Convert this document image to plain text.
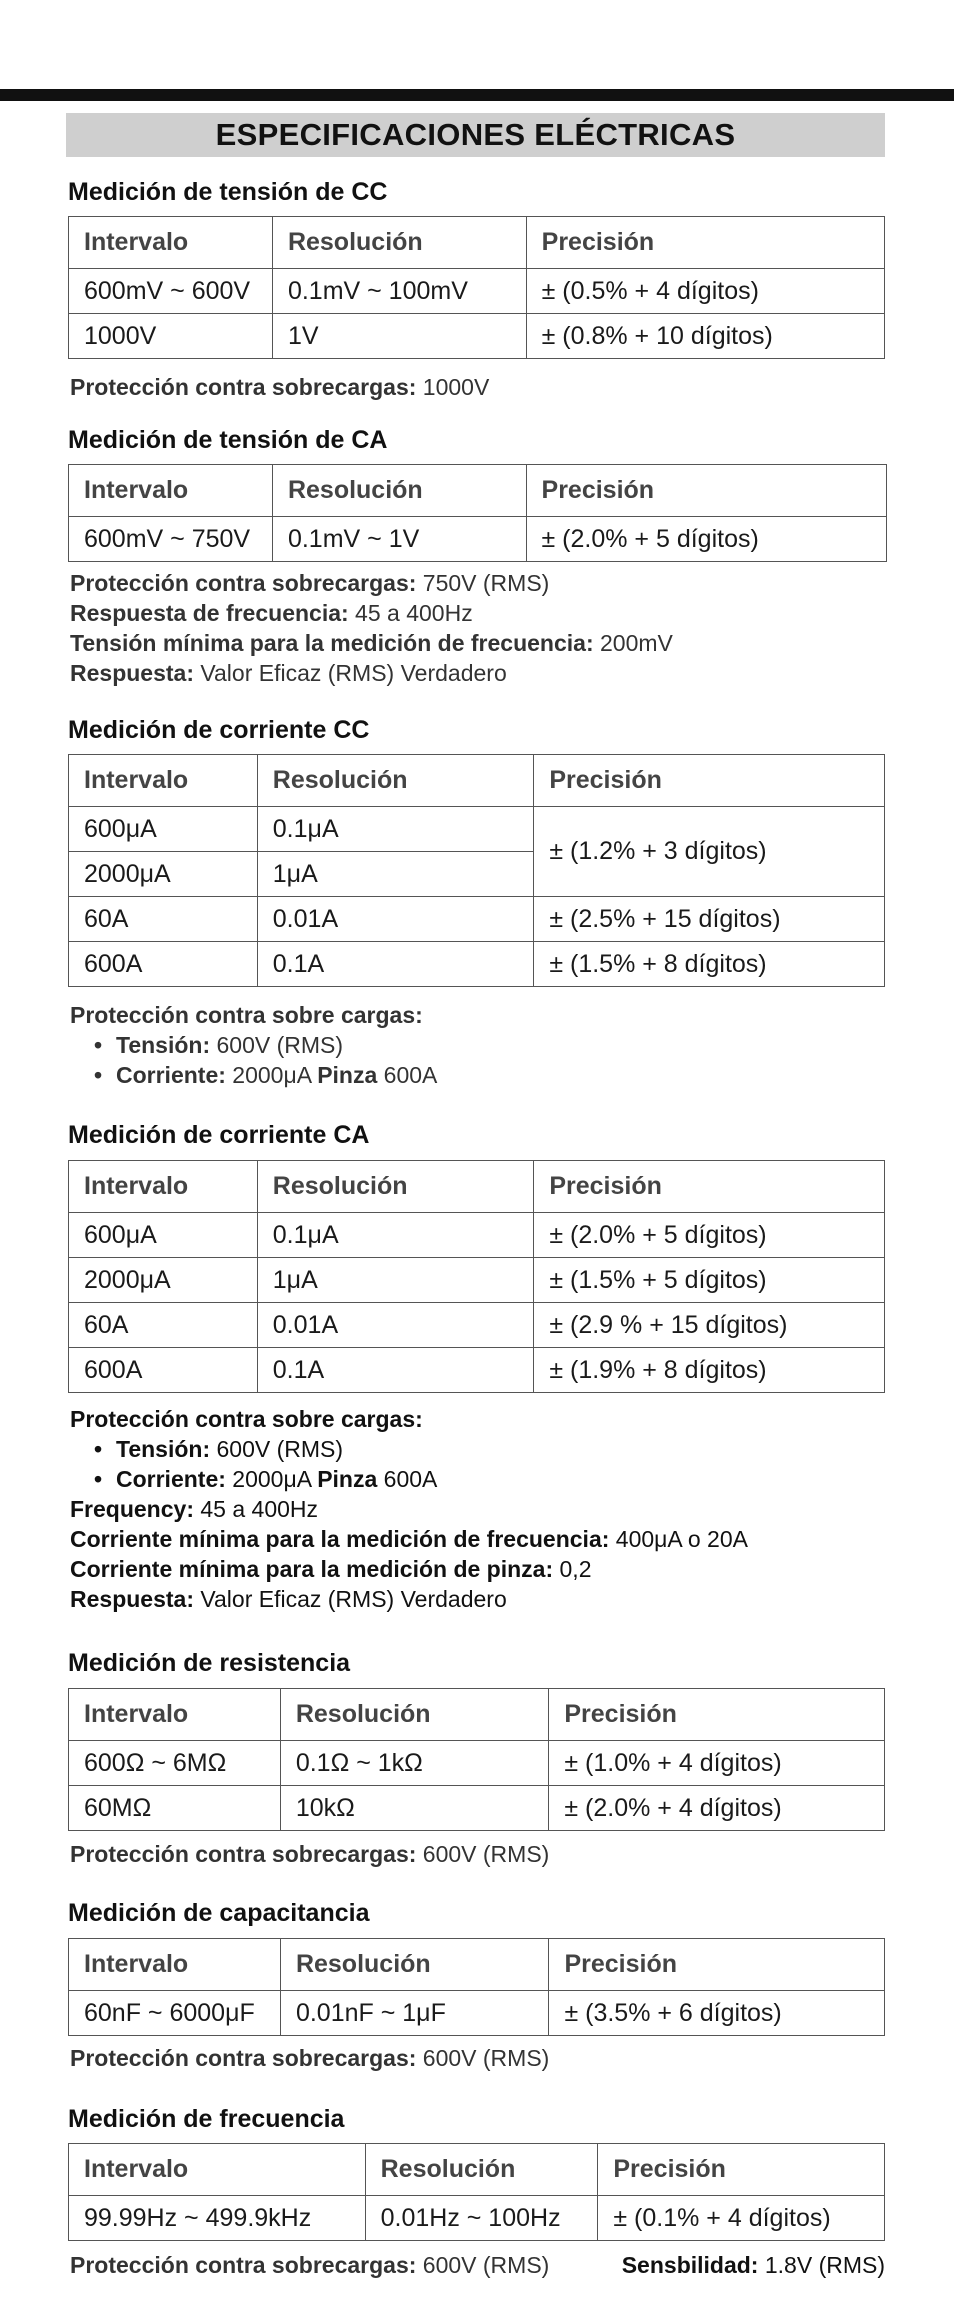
ESPECIFICACIONES ELÉCTRICAS
Medición de tensión de CC
Intervalo	Resolución	Precisión
600mV ~ 600V	0.1mV ~ 100mV	± (0.5% + 4 dígitos)
1000V	1V	± (0.8% + 10 dígitos)
Protección contra sobrecargas: 1000V
Medición de tensión de CA
Intervalo	Resolución	Precisión
600mV ~ 750V	0.1mV ~ 1V	± (2.0% + 5 dígitos)
Protección contra sobrecargas: 750V (RMS)
Respuesta de frecuencia: 45 a 400Hz
Tensión mínima para la medición de frecuencia: 200mV
Respuesta: Valor Eficaz (RMS) Verdadero
Medición de corriente CC
Intervalo	Resolución	Precisión
600μA	0.1μA	± (1.2% + 3 dígitos)
2000μA	1μA	
60A	0.01A	± (2.5% + 15 dígitos)
600A	0.1A	± (1.5% + 8 dígitos)
Protección contra sobre cargas:
• Tensión: 600V (RMS)
• Corriente: 2000μA Pinza 600A
Medición de corriente CA
Intervalo	Resolución	Precisión
600μA	0.1μA	± (2.0% + 5 dígitos)
2000μA	1μA	± (1.5% + 5 dígitos)
60A	0.01A	± (2.9 % + 15 dígitos)
600A	0.1A	± (1.9% + 8 dígitos)
Protección contra sobre cargas:
• Tensión: 600V (RMS)
• Corriente: 2000μA Pinza 600A
Frequency: 45 a 400Hz
Corriente mínima para la medición de frecuencia: 400μA o 20A
Corriente mínima para la medición de pinza: 0,2
Respuesta: Valor Eficaz (RMS) Verdadero
Medición de resistencia
Intervalo	Resolución	Precisión
600Ω ~ 6MΩ	0.1Ω ~ 1kΩ	± (1.0% + 4 dígitos)
60MΩ	10kΩ	± (2.0% + 4 dígitos)
Protección contra sobrecargas: 600V (RMS)
Medición de capacitancia
Intervalo	Resolución	Precisión
60nF ~ 6000μF	0.01nF ~ 1μF	± (3.5% + 6 dígitos)
Protección contra sobrecargas: 600V (RMS)
Medición de frecuencia
Intervalo	Resolución	Precisión
99.99Hz ~ 499.9kHz	0.01Hz ~ 100Hz	± (0.1% + 4 dígitos)
Protección contra sobrecargas: 600V (RMS)	Sensbilidad: 1.8V (RMS)
